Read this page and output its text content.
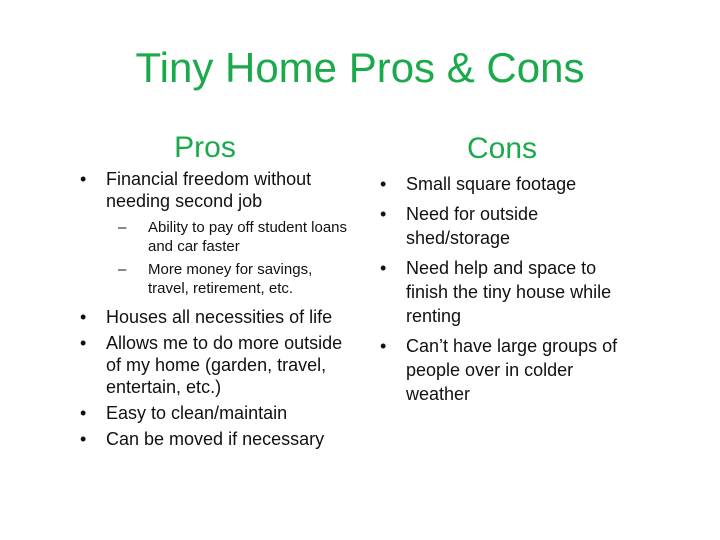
Tiny Home Pros & Cons
Pros	Cons
• Financial freedom without needing second job
– Ability to pay off student loans and car faster
– More money for savings, travel, retirement, etc.
• Houses all necessities of life
• Allows me to do more outside of my home (garden, travel, entertain, etc.)
• Easy to clean/maintain
• Can be moved if necessary
• Small square footage
• Need for outside shed/storage
• Need help and space to finish the tiny house while renting
• Can’t have large groups of people over in colder weather
